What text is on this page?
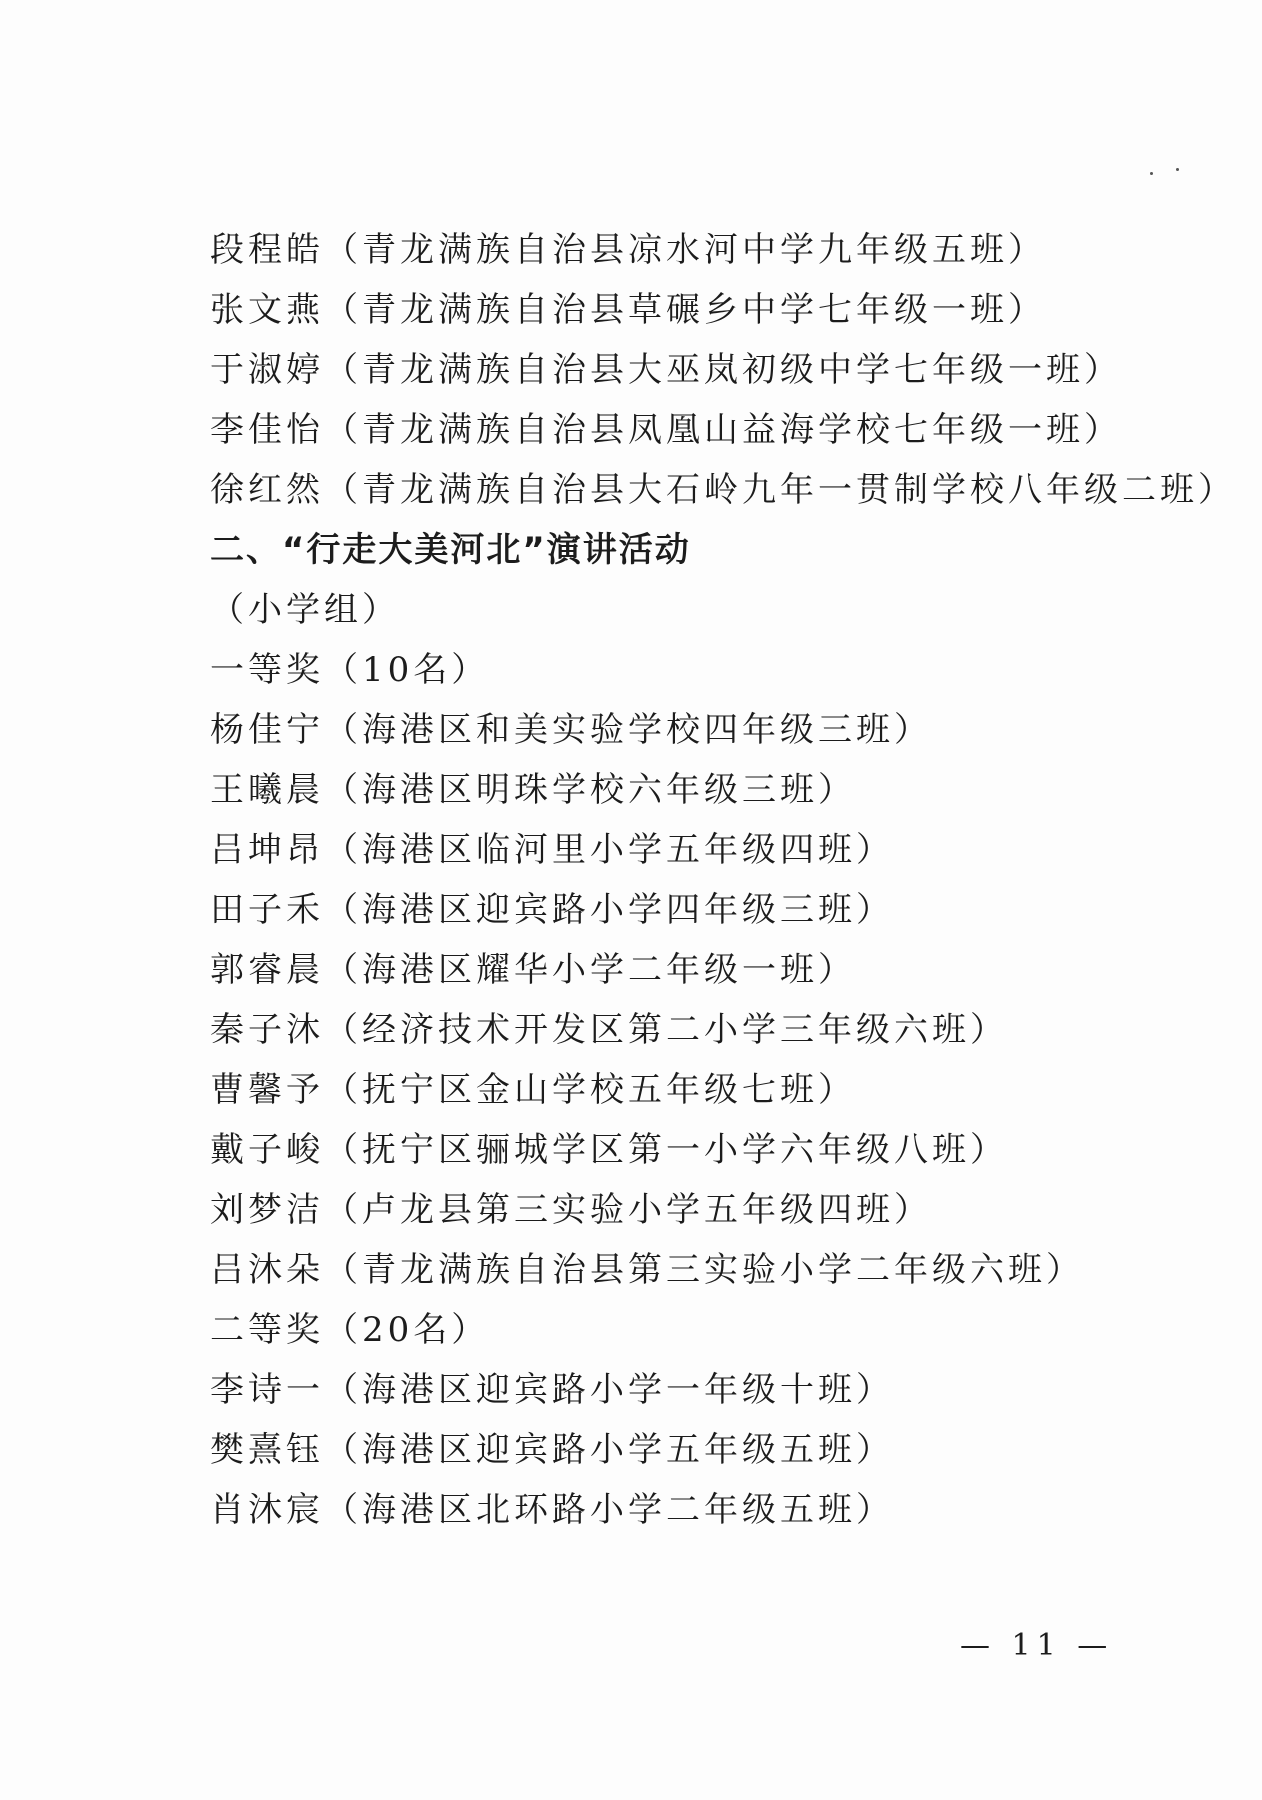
段程皓（青龙满族自治县凉水河中学九年级五班）
张文燕（青龙满族自治县草碾乡中学七年级一班）
于淑婷（青龙满族自治县大巫岚初级中学七年级一班）
李佳怡（青龙满族自治县凤凰山益海学校七年级一班）
徐红然（青龙满族自治县大石岭九年一贯制学校八年级二班）
二、“行走大美河北”演讲活动
（小学组）
一等奖（10名）
杨佳宁（海港区和美实验学校四年级三班）
王曦晨（海港区明珠学校六年级三班）
吕坤昂（海港区临河里小学五年级四班）
田子禾（海港区迎宾路小学四年级三班）
郭睿晨（海港区耀华小学二年级一班）
秦子沐（经济技术开发区第二小学三年级六班）
曹馨予（抚宁区金山学校五年级七班）
戴子峻（抚宁区骊城学区第一小学六年级八班）
刘梦洁（卢龙县第三实验小学五年级四班）
吕沐朵（青龙满族自治县第三实验小学二年级六班）
二等奖（20名）
李诗一（海港区迎宾路小学一年级十班）
樊熹钰（海港区迎宾路小学五年级五班）
肖沐宸（海港区北环路小学二年级五班）
— 11 —
